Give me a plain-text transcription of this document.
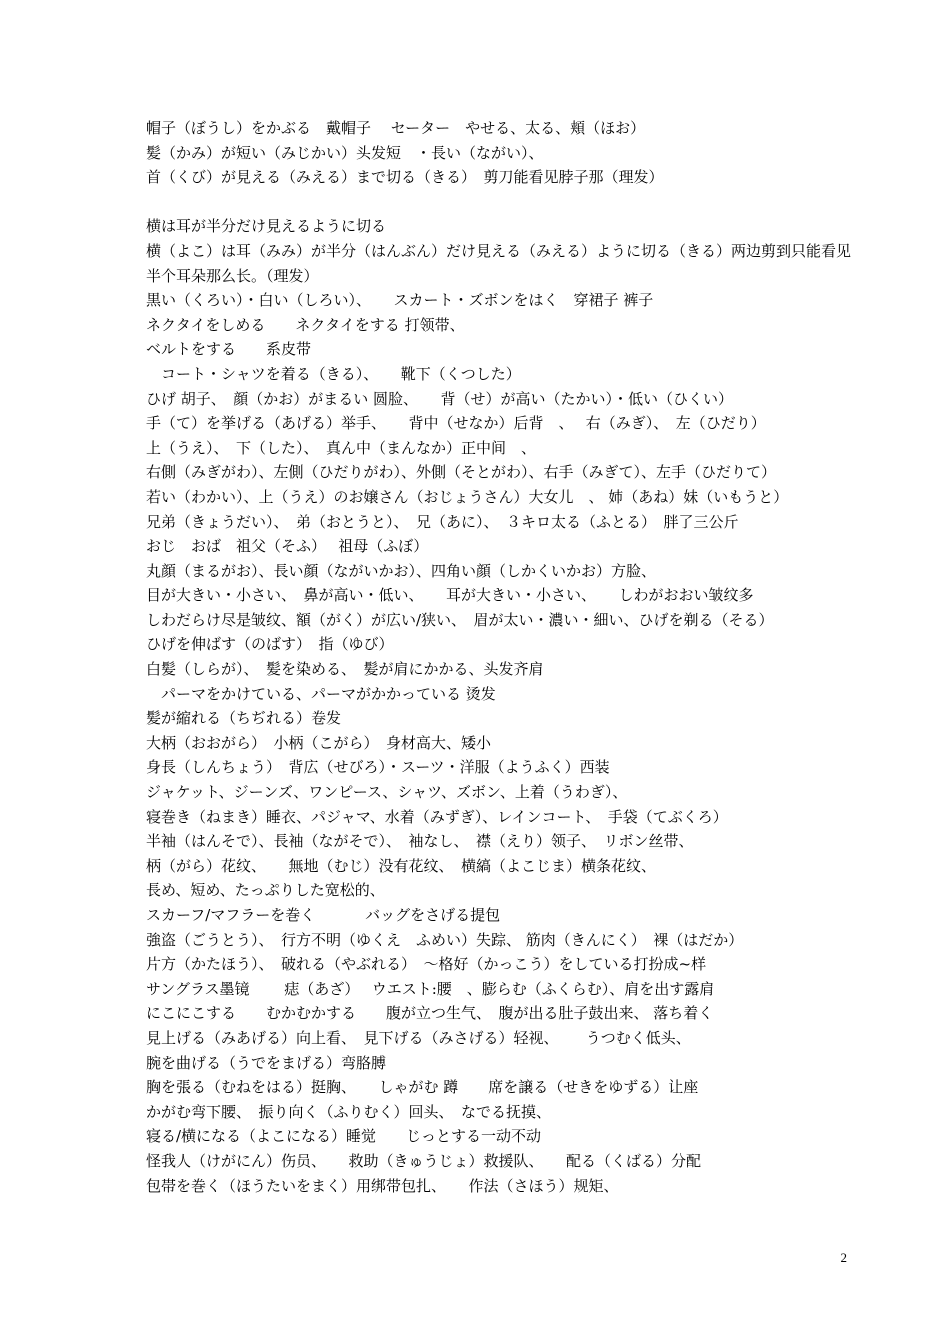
帽子（ぼうし）をかぶる　戴帽子　 セーター　やせる、太る、頬（ほお）
髪（かみ）が短い（みじかい）头发短　・長い（ながい）、
首（くび）が見える（みえる）まで切る（きる）　剪刀能看见脖子那（理发）
横は耳が半分だけ見えるように切る
横（よこ）は耳（みみ）が半分（はんぶん）だけ見える（みえる）ように切る（きる）两边剪到只能看见半个耳朵那么长。（理发）
黒い（くろい）・白い（しろい）、　　スカート・ズボンをはく　穿裙子 裤子
ネクタイをしめる　　ネクタイをする 打领带、
ベルトをする　　系皮带
　コート・シャツを着る（きる）、　　靴下（くつした）
ひげ 胡子、　顔（かお）がまるい 圆脸、　　背（せ）が高い（たかい）・低い（ひくい）
手（て）を挙げる（あげる）举手、　　背中（せなか）后背　、　 右（みぎ）、　左（ひだり）
上（うえ）、　下（した）、　真ん中（まんなか）正中间　、
右側（みぎがわ）、左側（ひだりがわ）、外側（そとがわ）、右手（みぎて）、左手（ひだりて）
若い（わかい）、上（うえ）のお嬢さん（おじょうさん）大女儿　、 姉（あね）妹（いもうと）
兄弟（きょうだい）、　弟（おとうと）、　兄（あに）、　３キロ太る（ふとる）　胖了三公斤
おじ　おば　祖父（そふ）　 祖母（ふぼ）
丸顔（まるがお）、長い顔（ながいかお）、四角い顔（しかくいかお）方脸、
目が大きい・小さい、　鼻が高い・低い、　　耳が大きい・小さい、　　しわがおおい皱纹多
しわだらけ尽是皱纹、額（がく）が広い/狭い、　眉が太い・濃い・細い、ひげを剃る（そる）
ひげを伸ばす（のばす）　指（ゆび）
白髪（しらが）、　髪を染める、　髪が肩にかかる、头发齐肩
　パーマをかけている、パーマがかかっている 烫发
髪が縮れる（ちぢれる）卷发
大柄（おおがら）　小柄（こがら）　身材高大、矮小
身長（しんちょう）　背広（せびろ）・スーツ・洋服（ようふく）西装
ジャケット、ジーンズ、ワンピース、シャツ、ズボン、上着（うわぎ）、
寝巻き（ねまき）睡衣、パジャマ、水着（みずぎ）、レインコート、　手袋（てぶくろ）
半袖（はんそで）、長袖（ながそで）、　袖なし、　襟（えり）领子、　リボン丝带、
柄（がら）花纹、　　無地（むじ）没有花纹、　横縞（よこじま）横条花纹、
長め、短め、たっぷりした宽松的、
スカーフ/マフラーを巻く　　　 バッグをさげる提包
強盗（ごうとう）、　行方不明（ゆくえ　ふめい）失踪、 筋肉（きんにく）　裸（はだか）
片方（かたほう）、　破れる（やぶれる）　～格好（かっこう）をしている打扮成~样
サングラス墨镜　　 痣（あざ）　 ウエスト:腰　、膨らむ（ふくらむ）、肩を出す露肩
にこにこする　　むかむかする　　腹が立つ生气、　腹が出る肚子鼓出来、 落ち着く
見上げる（みあげる）向上看、　見下げる（みさげる）轻视、　　 うつむく低头、
腕を曲げる（うでをまげる）弯胳膊
胸を張る（むねをはる）挺胸、　　しゃがむ 蹲　　席を譲る（せきをゆずる）让座
かがむ弯下腰、　振り向く（ふりむく）回头、　なでる抚摸、
寝る/横になる（よこになる）睡觉　　じっとする一动不动
怪我人（けがにん）伤员、　　救助（きゅうじょ）救援队、　　配る（くばる）分配
包帯を巻く（ほうたいをまく）用绑带包扎、　　作法（さほう）规矩、
2
